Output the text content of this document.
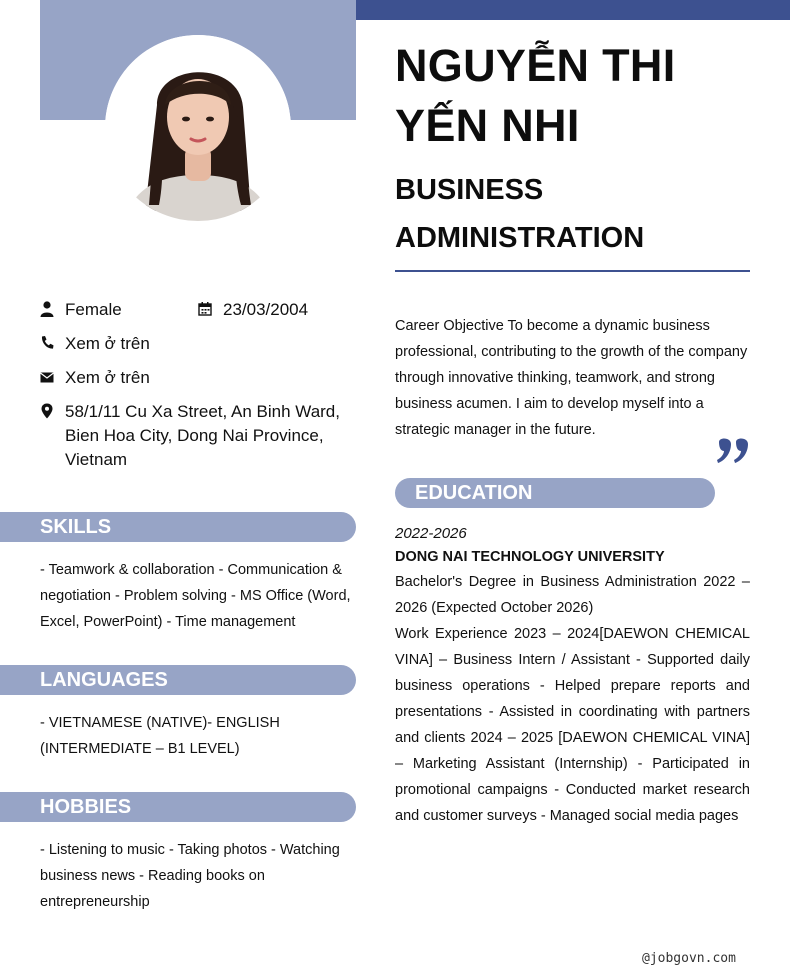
NGUYỄN THI YẾN NHI
BUSINESS ADMINISTRATION
Female	23/03/2004
Xem ở trên
Xem ở trên
58/1/11 Cu Xa Street, An Binh Ward, Bien Hoa City, Dong Nai Province, Vietnam
Career Objective To become a dynamic business professional, contributing to the growth of the company through innovative thinking, teamwork, and strong business acumen. I aim to develop myself into a strategic manager in the future.
SKILLS
- Teamwork & collaboration - Communication & negotiation - Problem solving - MS Office (Word, Excel, PowerPoint) - Time management
LANGUAGES
- VIETNAMESE (NATIVE)- ENGLISH (INTERMEDIATE – B1 LEVEL)
HOBBIES
- Listening to music - Taking photos - Watching business news - Reading books on entrepreneurship
EDUCATION
2022-2026
DONG NAI TECHNOLOGY UNIVERSITY

Bachelor's Degree in Business Administration 2022 – 2026 (Expected October 2026)

Work Experience 2023 – 2024[DAEWON CHEMICAL VINA] – Business Intern / Assistant - Supported daily business operations - Helped prepare reports and presentations - Assisted in coordinating with partners and clients 2024 – 2025 [DAEWON CHEMICAL VINA] – Marketing Assistant (Internship) - Participated in promotional campaigns - Conducted market research and customer surveys - Managed social media pages

@jobgovn.com
